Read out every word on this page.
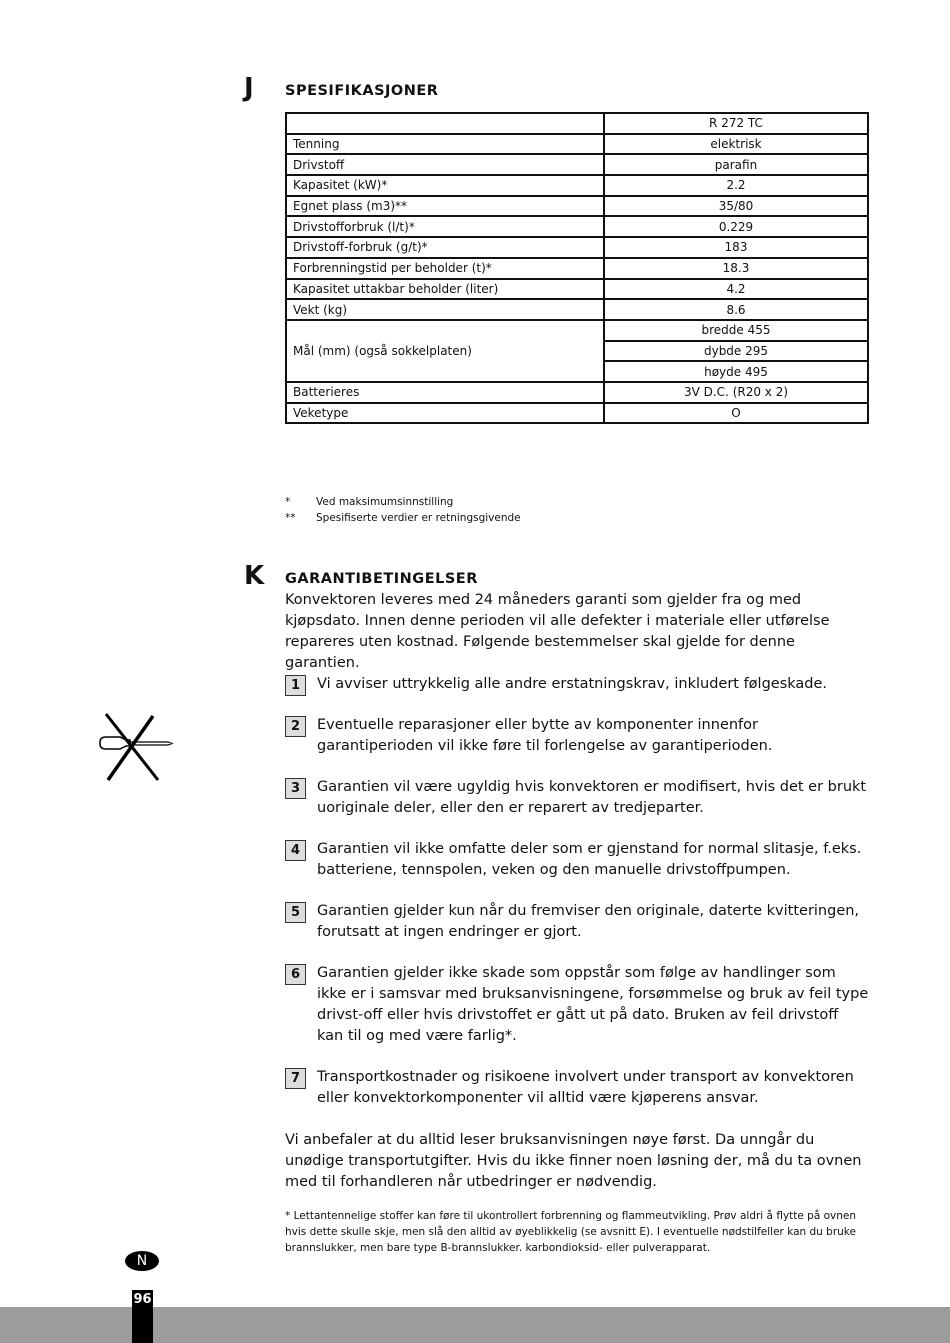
J SPESIFIKASJONER
	R 272 TC
Tenning	elektrisk
Drivstoff	parafin
Kapasitet (kW)*	2.2
Egnet plass (m3)**	35/80
Drivstofforbruk (l/t)*	0.229
Drivstoff-forbruk (g/t)*	183
Forbrenningstid per beholder (t)*	18.3
Kapasitet uttakbar beholder (liter)	4.2
Vekt (kg)	8.6
Mål (mm) (også sokkelplaten)	bredde 455
	dybde 295
	høyde 495
Batterieres	3V D.C. (R20 x 2)
Veketype	O
* Ved maksimumsinnstilling
** Spesifiserte verdier er retningsgivende
K GARANTIBETINGELSER
Konvektoren leveres med 24 måneders garanti som gjelder fra og med kjøpsdato. Innen denne perioden vil alle defekter i materiale eller utførelse repareres uten kostnad. Følgende bestemmelser skal gjelde for denne garantien.
1	Vi avviser uttrykkelig alle andre erstatningskrav, inkludert følgeskade.
2	Eventuelle reparasjoner eller bytte av komponenter innenfor garantiperioden vil ikke føre til forlengelse av garantiperioden.
3	Garantien vil være ugyldig hvis konvektoren er modifisert, hvis det er brukt uoriginale deler, eller den er reparert av tredjeparter.
4	Garantien vil ikke omfatte deler som er gjenstand for normal slitasje, f.eks. batteriene, tennspolen, veken og den manuelle drivstoffpumpen.
5	Garantien gjelder kun når du fremviser den originale, daterte kvitteringen, forutsatt at ingen endringer er gjort.
6	Garantien gjelder ikke skade som oppstår som følge av handlinger som ikke er i samsvar med bruksanvisningene, forsømmelse og bruk av feil type drivst-off eller hvis drivstoffet er gått ut på dato. Bruken av feil drivstoff kan til og med være farlig*.
7	Transportkostnader og risikoene involvert under transport av konvektoren eller konvektorkomponenter vil alltid være kjøperens ansvar.
Vi anbefaler at du alltid leser bruksanvisningen nøye først. Da unngår du unødige transportutgifter. Hvis du ikke finner noen løsning der, må du ta ovnen med til forhandleren når utbedringer er nødvendig.
* Lettantennelige stoffer kan føre til ukontrollert forbrenning og flammeutvikling. Prøv aldri å flytte på ovnen hvis dette skulle skje, men slå den alltid av øyeblikkelig (se avsnitt E). I eventuelle nødstilfeller kan du bruke brannslukker, men bare type B-brannslukker. karbondioksid- eller pulverapparat.
N
96
